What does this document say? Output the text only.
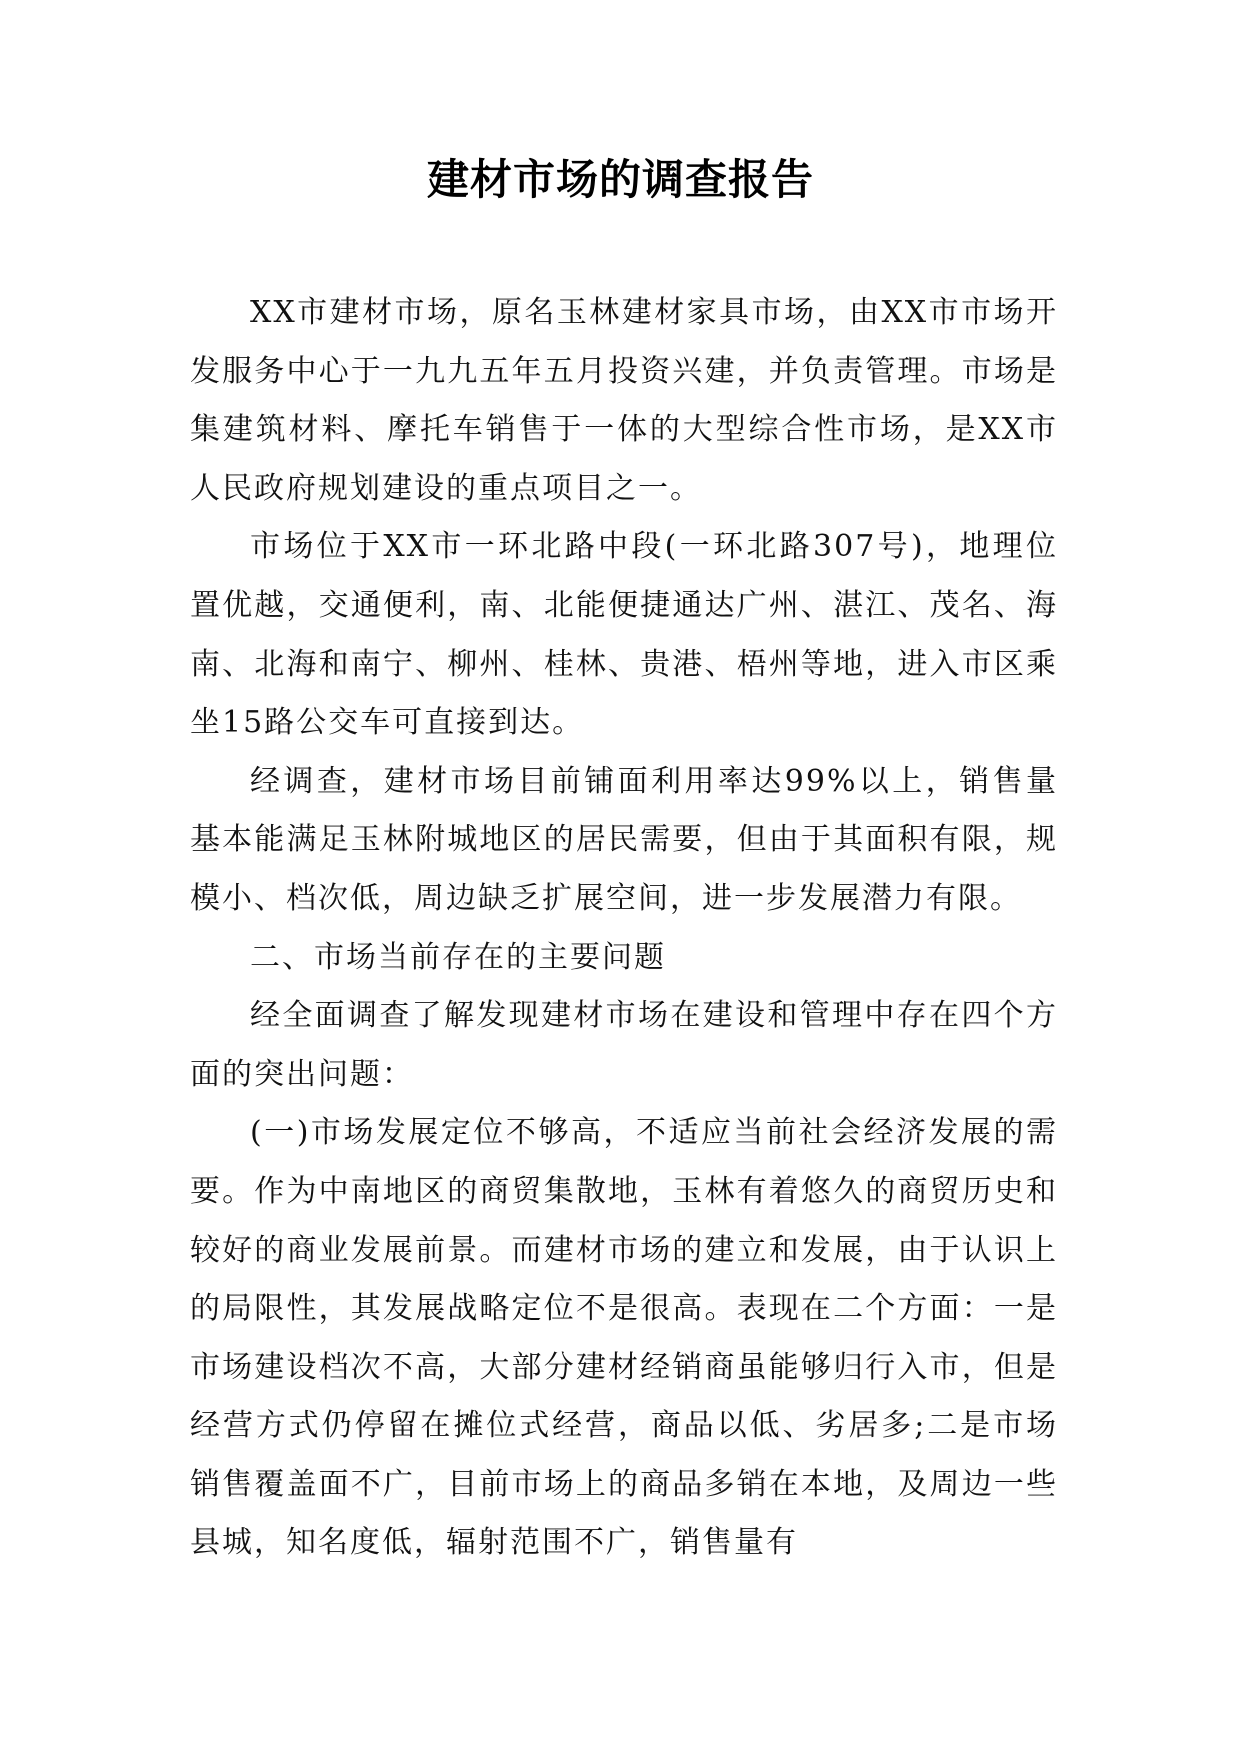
建材市场的调查报告

XX市建材市场，原名玉林建材家具市场，由XX市市场开发服务中心于一九九五年五月投资兴建，并负责管理。市场是集建筑材料、摩托车销售于一体的大型综合性市场，是XX市人民政府规划建设的重点项目之一。

市场位于XX市一环北路中段(一环北路307号)，地理位置优越，交通便利，南、北能便捷通达广州、湛江、茂名、海南、北海和南宁、柳州、桂林、贵港、梧州等地，进入市区乘坐15路公交车可直接到达。

经调查，建材市场目前铺面利用率达99%以上，销售量基本能满足玉林附城地区的居民需要，但由于其面积有限，规模小、档次低，周边缺乏扩展空间，进一步发展潜力有限。

二、市场当前存在的主要问题

经全面调查了解发现建材市场在建设和管理中存在四个方面的突出问题：

(一)市场发展定位不够高，不适应当前社会经济发展的需要。作为中南地区的商贸集散地，玉林有着悠久的商贸历史和较好的商业发展前景。而建材市场的建立和发展，由于认识上的局限性，其发展战略定位不是很高。表现在二个方面：一是市场建设档次不高，大部分建材经销商虽能够归行入市，但是经营方式仍停留在摊位式经营，商品以低、劣居多;二是市场销售覆盖面不广，目前市场上的商品多销在本地，及周边一些县城，知名度低，辐射范围不广，销售量有
